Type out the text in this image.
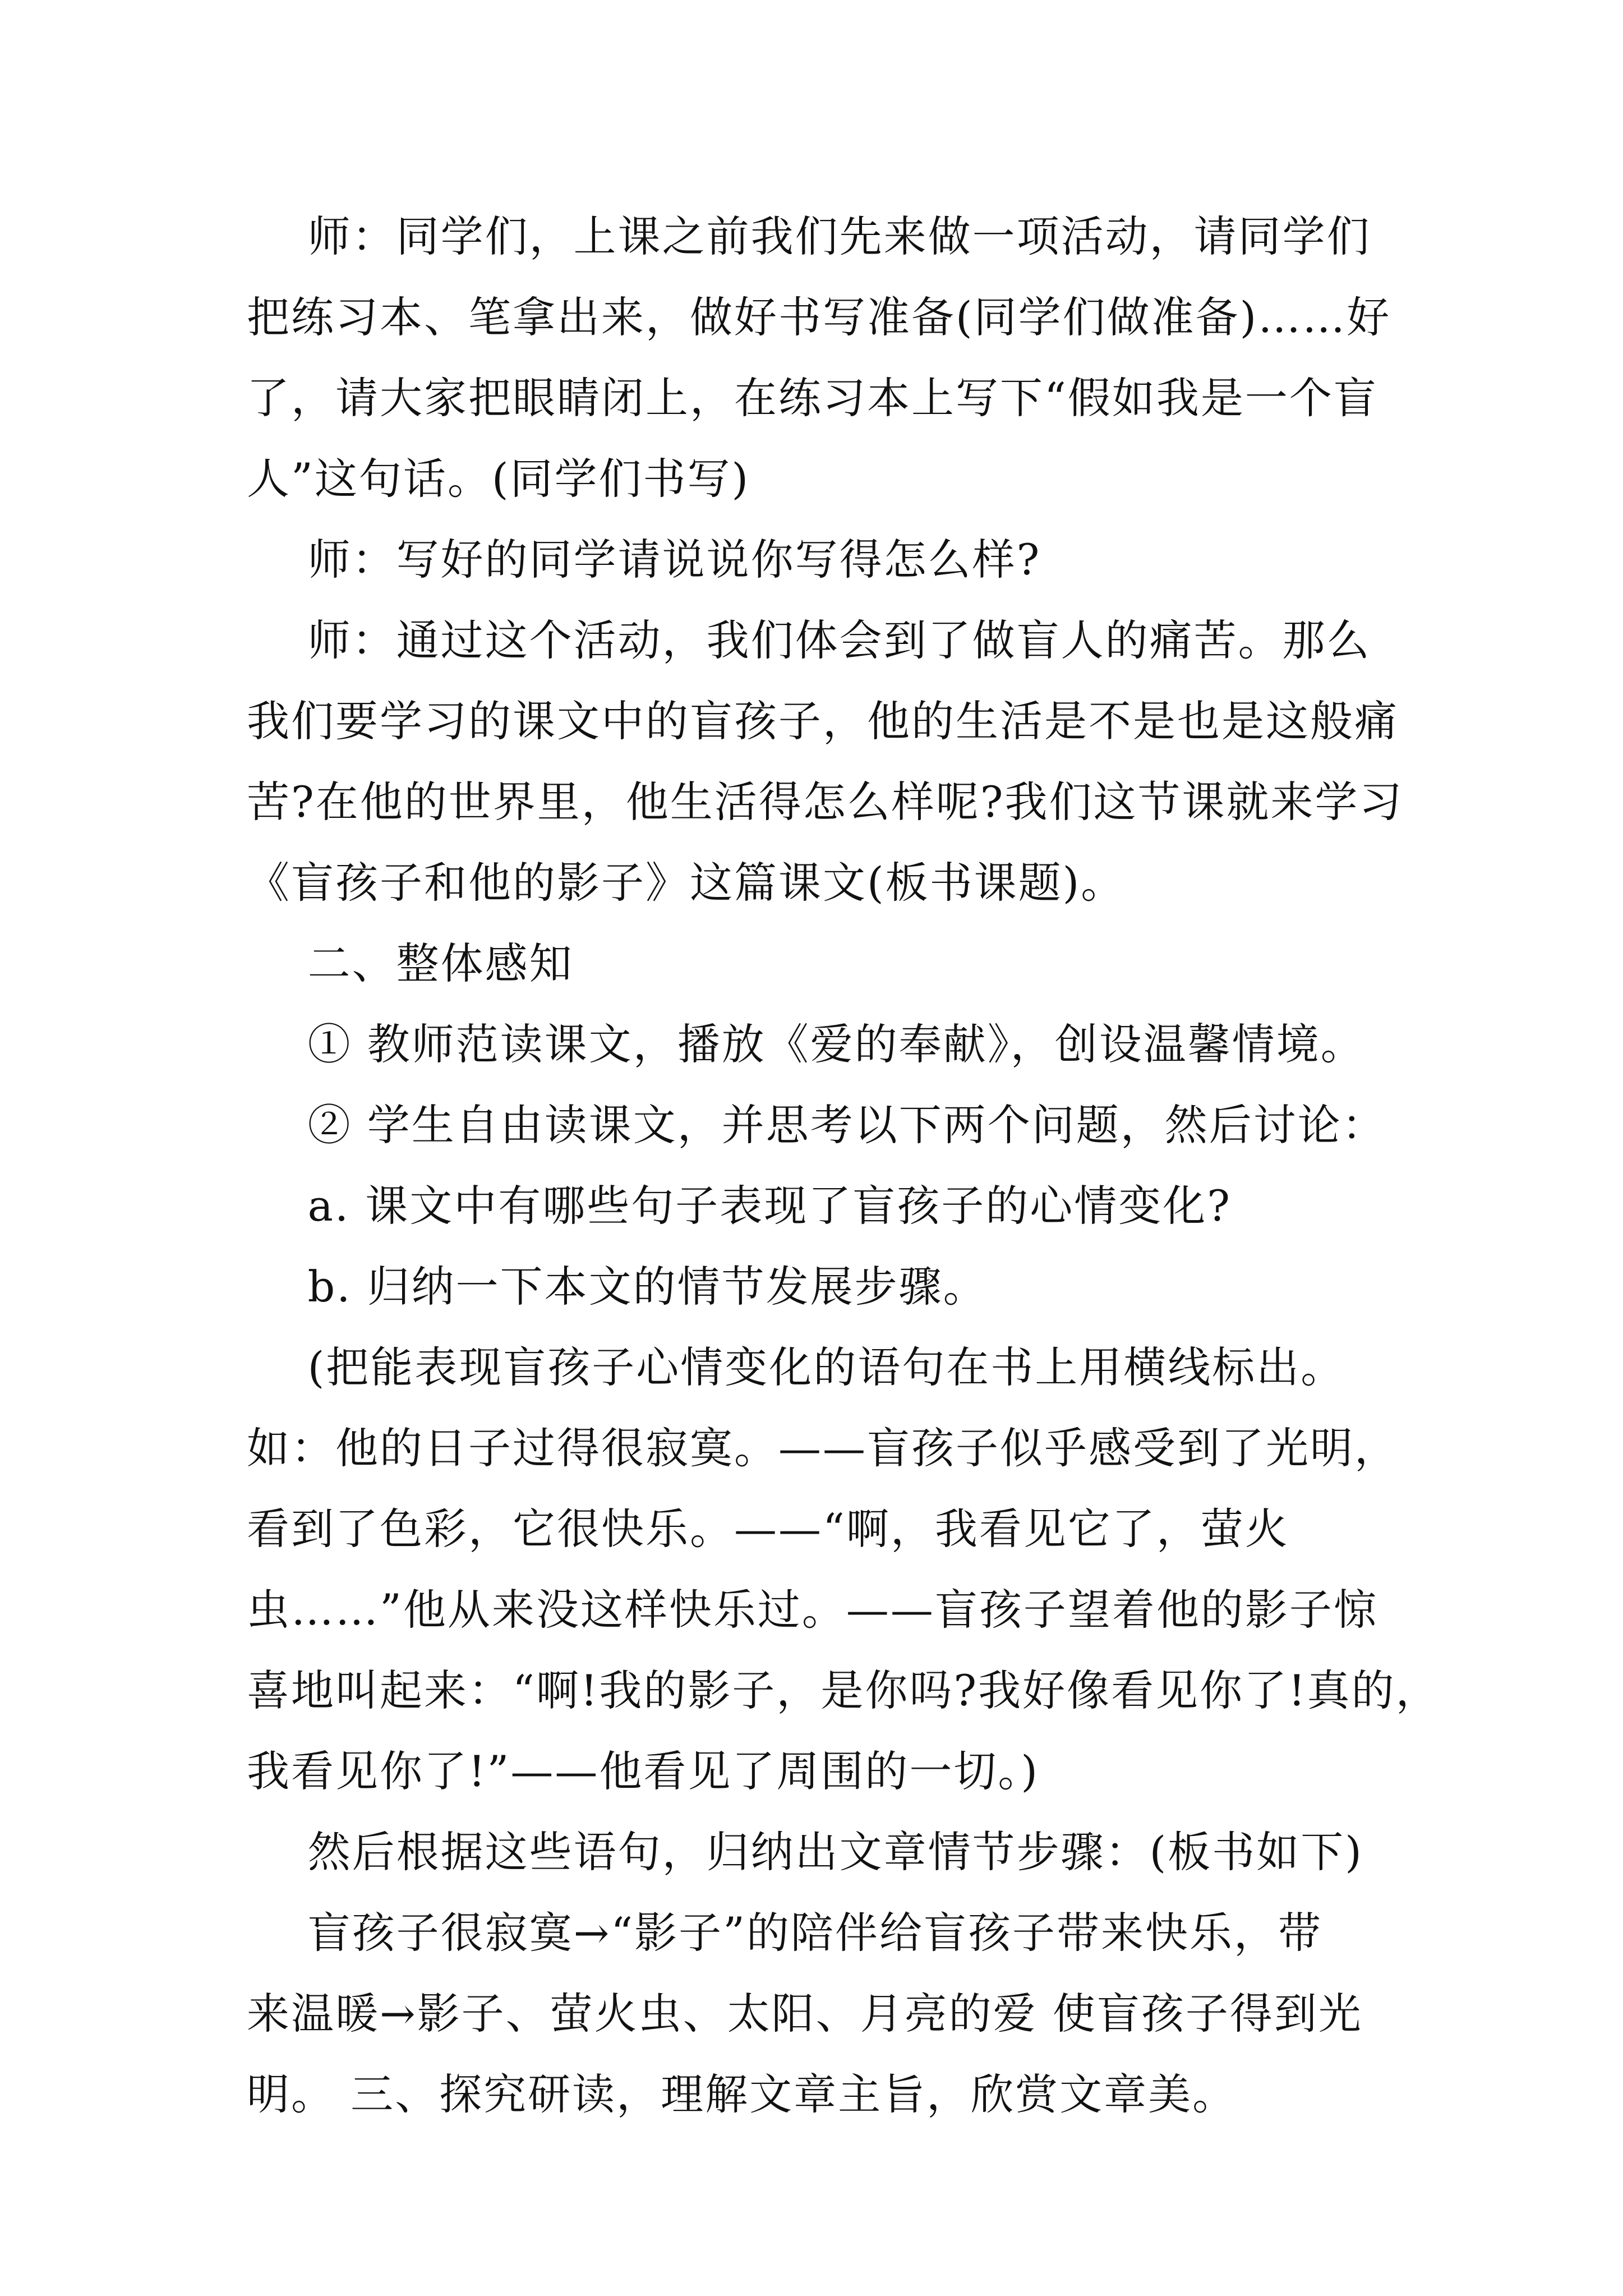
师：同学们，上课之前我们先来做一项活动，请同学们
把练习本、笔拿出来，做好书写准备(同学们做准备)……好
了，请大家把眼睛闭上，在练习本上写下“假如我是一个盲
人”这句话。(同学们书写)
师：写好的同学请说说你写得怎么样?
师：通过这个活动，我们体会到了做盲人的痛苦。那么
我们要学习的课文中的盲孩子，他的生活是不是也是这般痛
苦?在他的世界里，他生活得怎么样呢?我们这节课就来学习
《盲孩子和他的影子》这篇课文(板书课题)。
二、整体感知
① 教师范读课文，播放《爱的奉献》，创设温馨情境。
② 学生自由读课文，并思考以下两个问题，然后讨论：
a. 课文中有哪些句子表现了盲孩子的心情变化?
b. 归纳一下本文的情节发展步骤。
(把能表现盲孩子心情变化的语句在书上用横线标出。
如：他的日子过得很寂寞。——盲孩子似乎感受到了光明，
看到了色彩，它很快乐。——“啊，我看见它了，萤火
虫……”他从来没这样快乐过。——盲孩子望着他的影子惊
喜地叫起来：“啊!我的影子，是你吗?我好像看见你了!真的，
我看见你了!”——他看见了周围的一切。)
然后根据这些语句，归纳出文章情节步骤：(板书如下)
盲孩子很寂寞→“影子”的陪伴给盲孩子带来快乐，带
来温暖→影子、萤火虫、太阳、月亮的爱 使盲孩子得到光
明。 三、探究研读，理解文章主旨，欣赏文章美。
